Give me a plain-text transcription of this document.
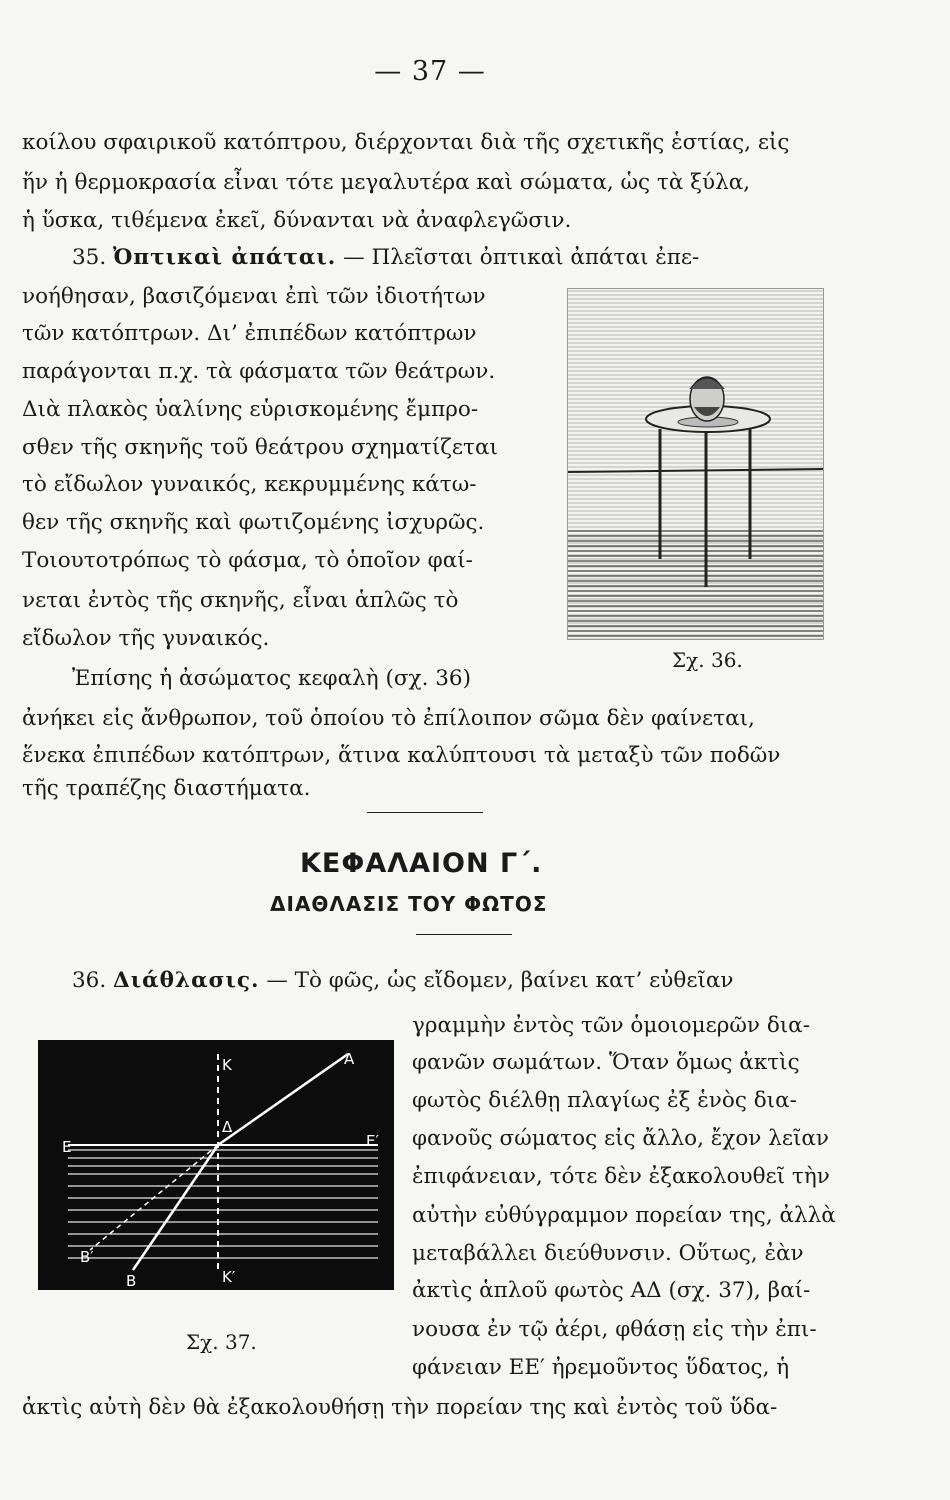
— 37 —
κοίλου σφαιρικοῦ κατόπτρου, διέρχονται διὰ τῆς σχετικῆς ἑστίας, εἰς
ἥν ἡ θερμοκρασία εἶναι τότε μεγαλυτέρα καὶ σώματα, ὡς τὰ ξύλα,
ἡ ὕσκα, τιθέμενα ἐκεῖ, δύνανται νὰ ἀναφλεγῶσιν.
35. Ὀπτικαὶ ἀπάται. — Πλεῖσται ὀπτικαὶ ἀπάται ἐπε-
νοήθησαν, βασιζόμεναι ἐπὶ τῶν ἰδιοτήτων
τῶν κατόπτρων. Δι’ ἐπιπέδων κατόπτρων
παράγονται π.χ. τὰ φάσματα τῶν θεάτρων.
Διὰ πλακὸς ὑαλίνης εὑρισκομένης ἔμπρο-
σθεν τῆς σκηνῆς τοῦ θεάτρου σχηματίζεται
τὸ εἴδωλον γυναικός, κεκρυμμένης κάτω-
θεν τῆς σκηνῆς καὶ φωτιζομένης ἰσχυρῶς.
Τοιουτοτρόπως τὸ φάσμα, τὸ ὁποῖον φαί-
νεται ἐντὸς τῆς σκηνῆς, εἶναι ἁπλῶς τὸ
εἴδωλον τῆς γυναικός.
Ἐπίσης ἡ ἀσώματος κεφαλὴ (σχ. 36)
ἀνήκει εἰς ἄνθρωπον, τοῦ ὁποίου τὸ ἐπίλοιπον σῶμα δὲν φαίνεται,
ἕνεκα ἐπιπέδων κατόπτρων, ἅτινα καλύπτουσι τὰ μεταξὺ τῶν ποδῶν
τῆς τραπέζης διαστήματα.
Σχ. 36.
ΚΕΦΑΛΑΙΟΝ Γ΄.
ΔΙΑΘΛΑΣΙΣ ΤΟΥ ΦΩΤΟΣ
36. Διάθλασις. — Τὸ φῶς, ὡς εἴδομεν, βαίνει κατ’ εὐθεῖαν
γραμμὴν ἐντὸς τῶν ὁμοιομερῶν δια-
φανῶν σωμάτων. Ὅταν ὅμως ἀκτὶς
φωτὸς διέλθῃ πλαγίως ἐξ ἑνὸς δια-
φανοῦς σώματος εἰς ἄλλο, ἔχον λεῖαν
ἐπιφάνειαν, τότε δὲν ἐξακολουθεῖ τὴν
αὐτὴν εὐθύγραμμον πορείαν της, ἀλλὰ
μεταβάλλει διεύθυνσιν. Οὕτως, ἐὰν
ἀκτὶς ἁπλοῦ φωτὸς ΑΔ (σχ. 37), βαί-
νουσα ἐν τῷ ἀέρι, φθάσῃ εἰς τὴν ἐπι-
φάνειαν ΕΕ′ ἠρεμοῦντος ὕδατος, ἡ
ἀκτὶς αὐτὴ δὲν θὰ ἐξακολουθήσῃ τὴν πορείαν της καὶ ἐντὸς τοῦ ὕδα-
K	A
Δ
E	E′
B′
B	K′
Σχ. 37.
